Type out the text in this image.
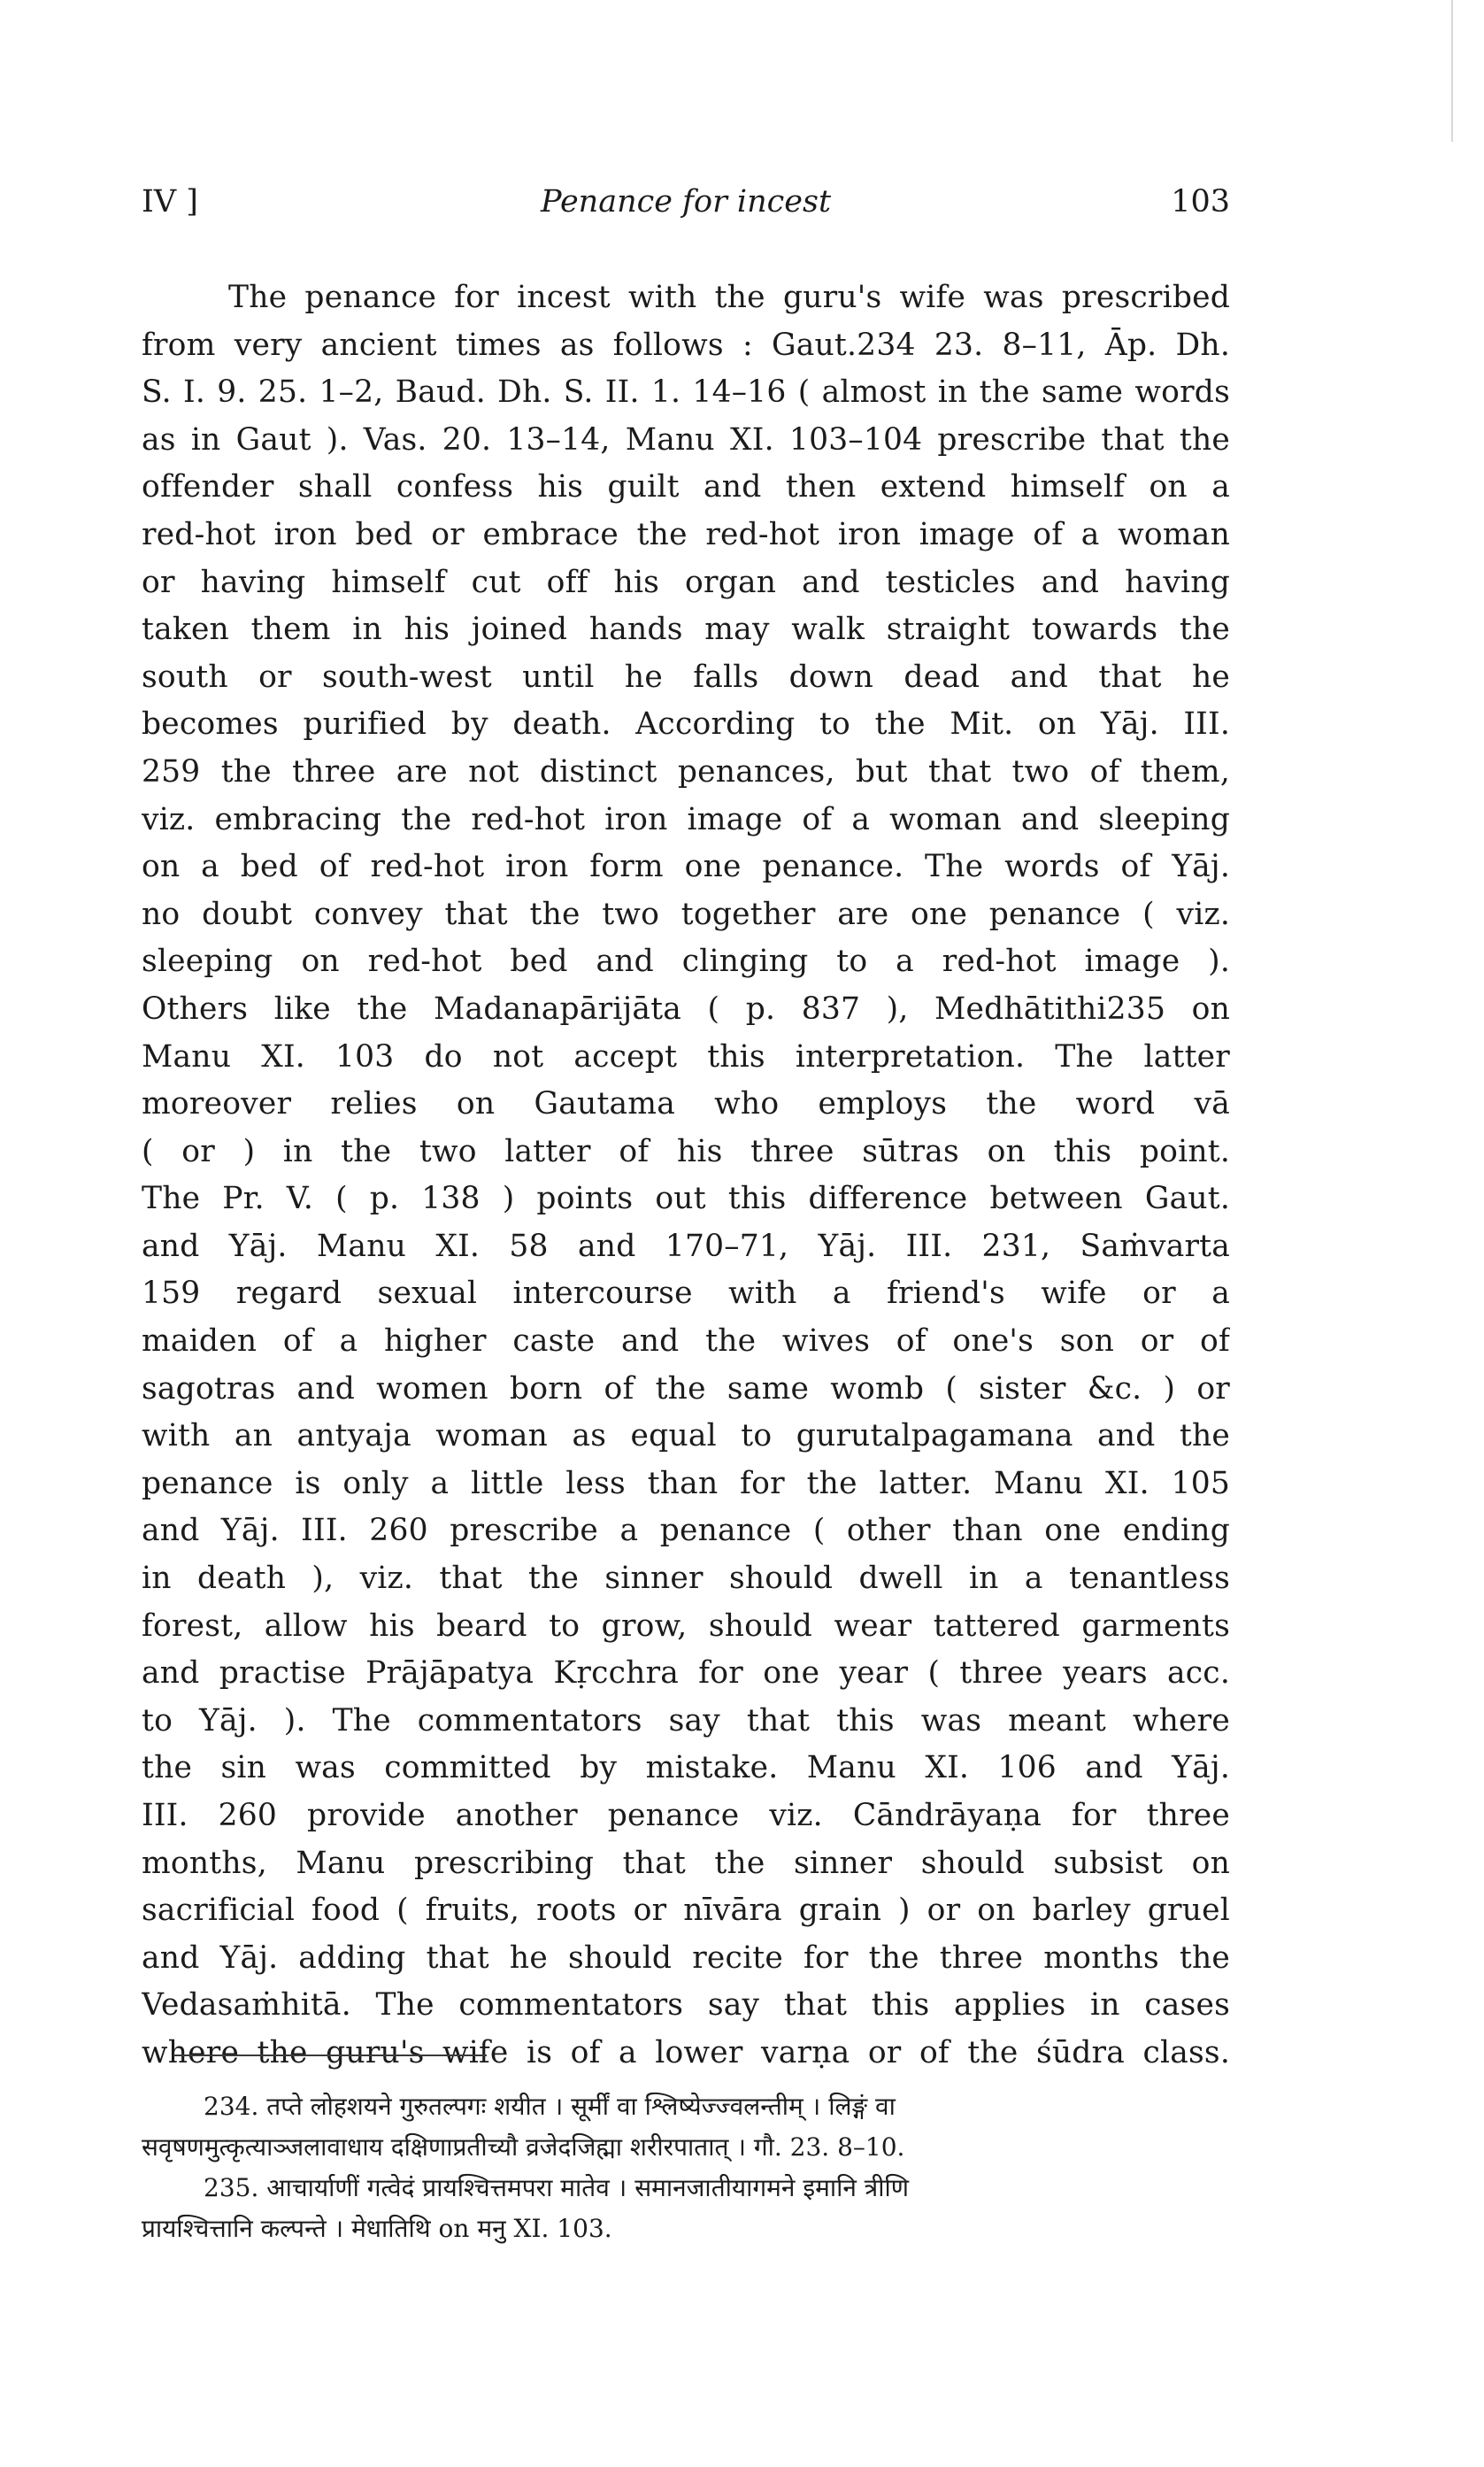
IV ]	Penance for incest	103
The penance for incest with the guru's wife was prescribed
from very ancient times as follows : Gaut.234 23. 8–11, Āp. Dh.
S. I. 9. 25. 1–2, Baud. Dh. S. II. 1. 14–16 ( almost in the same words
as in Gaut ). Vas. 20. 13–14, Manu XI. 103–104 prescribe that the
offender shall confess his guilt and then extend himself on a
red-hot iron bed or embrace the red-hot iron image of a woman
or having himself cut off his organ and testicles and having
taken them in his joined hands may walk straight towards the
south or south-west until he falls down dead and that he
becomes purified by death. According to the Mit. on Yāj. III.
259 the three are not distinct penances, but that two of them,
viz. embracing the red-hot iron image of a woman and sleeping
on a bed of red-hot iron form one penance. The words of Yāj.
no doubt convey that the two together are one penance ( viz.
sleeping on red-hot bed and clinging to a red-hot image ).
Others like the Madanapārijāta ( p. 837 ), Medhātithi235 on
Manu XI. 103 do not accept this interpretation. The latter
moreover relies on Gautama who employs the word vā
( or ) in the two latter of his three sūtras on this point.
The Pr. V. ( p. 138 ) points out this difference between Gaut.
and Yāj. Manu XI. 58 and 170–71, Yāj. III. 231, Saṁvarta
159 regard sexual intercourse with a friend's wife or a
maiden of a higher caste and the wives of one's son or of
sagotras and women born of the same womb ( sister &c. ) or
with an antyaja woman as equal to gurutalpagamana and the
penance is only a little less than for the latter. Manu XI. 105
and Yāj. III. 260 prescribe a penance ( other than one ending
in death ), viz. that the sinner should dwell in a tenantless
forest, allow his beard to grow, should wear tattered garments
and practise Prājāpatya Kṛcchra for one year ( three years acc.
to Yāj. ). The commentators say that this was meant where
the sin was committed by mistake. Manu XI. 106 and Yāj.
III. 260 provide another penance viz. Cāndrāyaṇa for three
months, Manu prescribing that the sinner should subsist on
sacrificial food ( fruits, roots or nīvāra grain ) or on barley gruel
and Yāj. adding that he should recite for the three months the
Vedasaṁhitā. The commentators say that this applies in cases
where the guru's wife is of a lower varṇa or of the śūdra class.
234. तप्ते लोहशयने गुरुतल्पगः शयीत । सूर्मीं वा श्लिष्येज्ज्वलन्तीम् । लिङ्गं वा
सवृषणमुत्कृत्याञ्जलावाधाय दक्षिणाप्रतीच्यौ व्रजेदजिह्मा शरीरपातात् । गौ. 23. 8–10.
235. आचार्याणीं गत्वेदं प्रायश्चित्तमपरा मातेव । समानजातीयागमने इमानि त्रीणि
प्रायश्चित्तानि कल्पन्ते । मेधातिथि on मनु XI. 103.
